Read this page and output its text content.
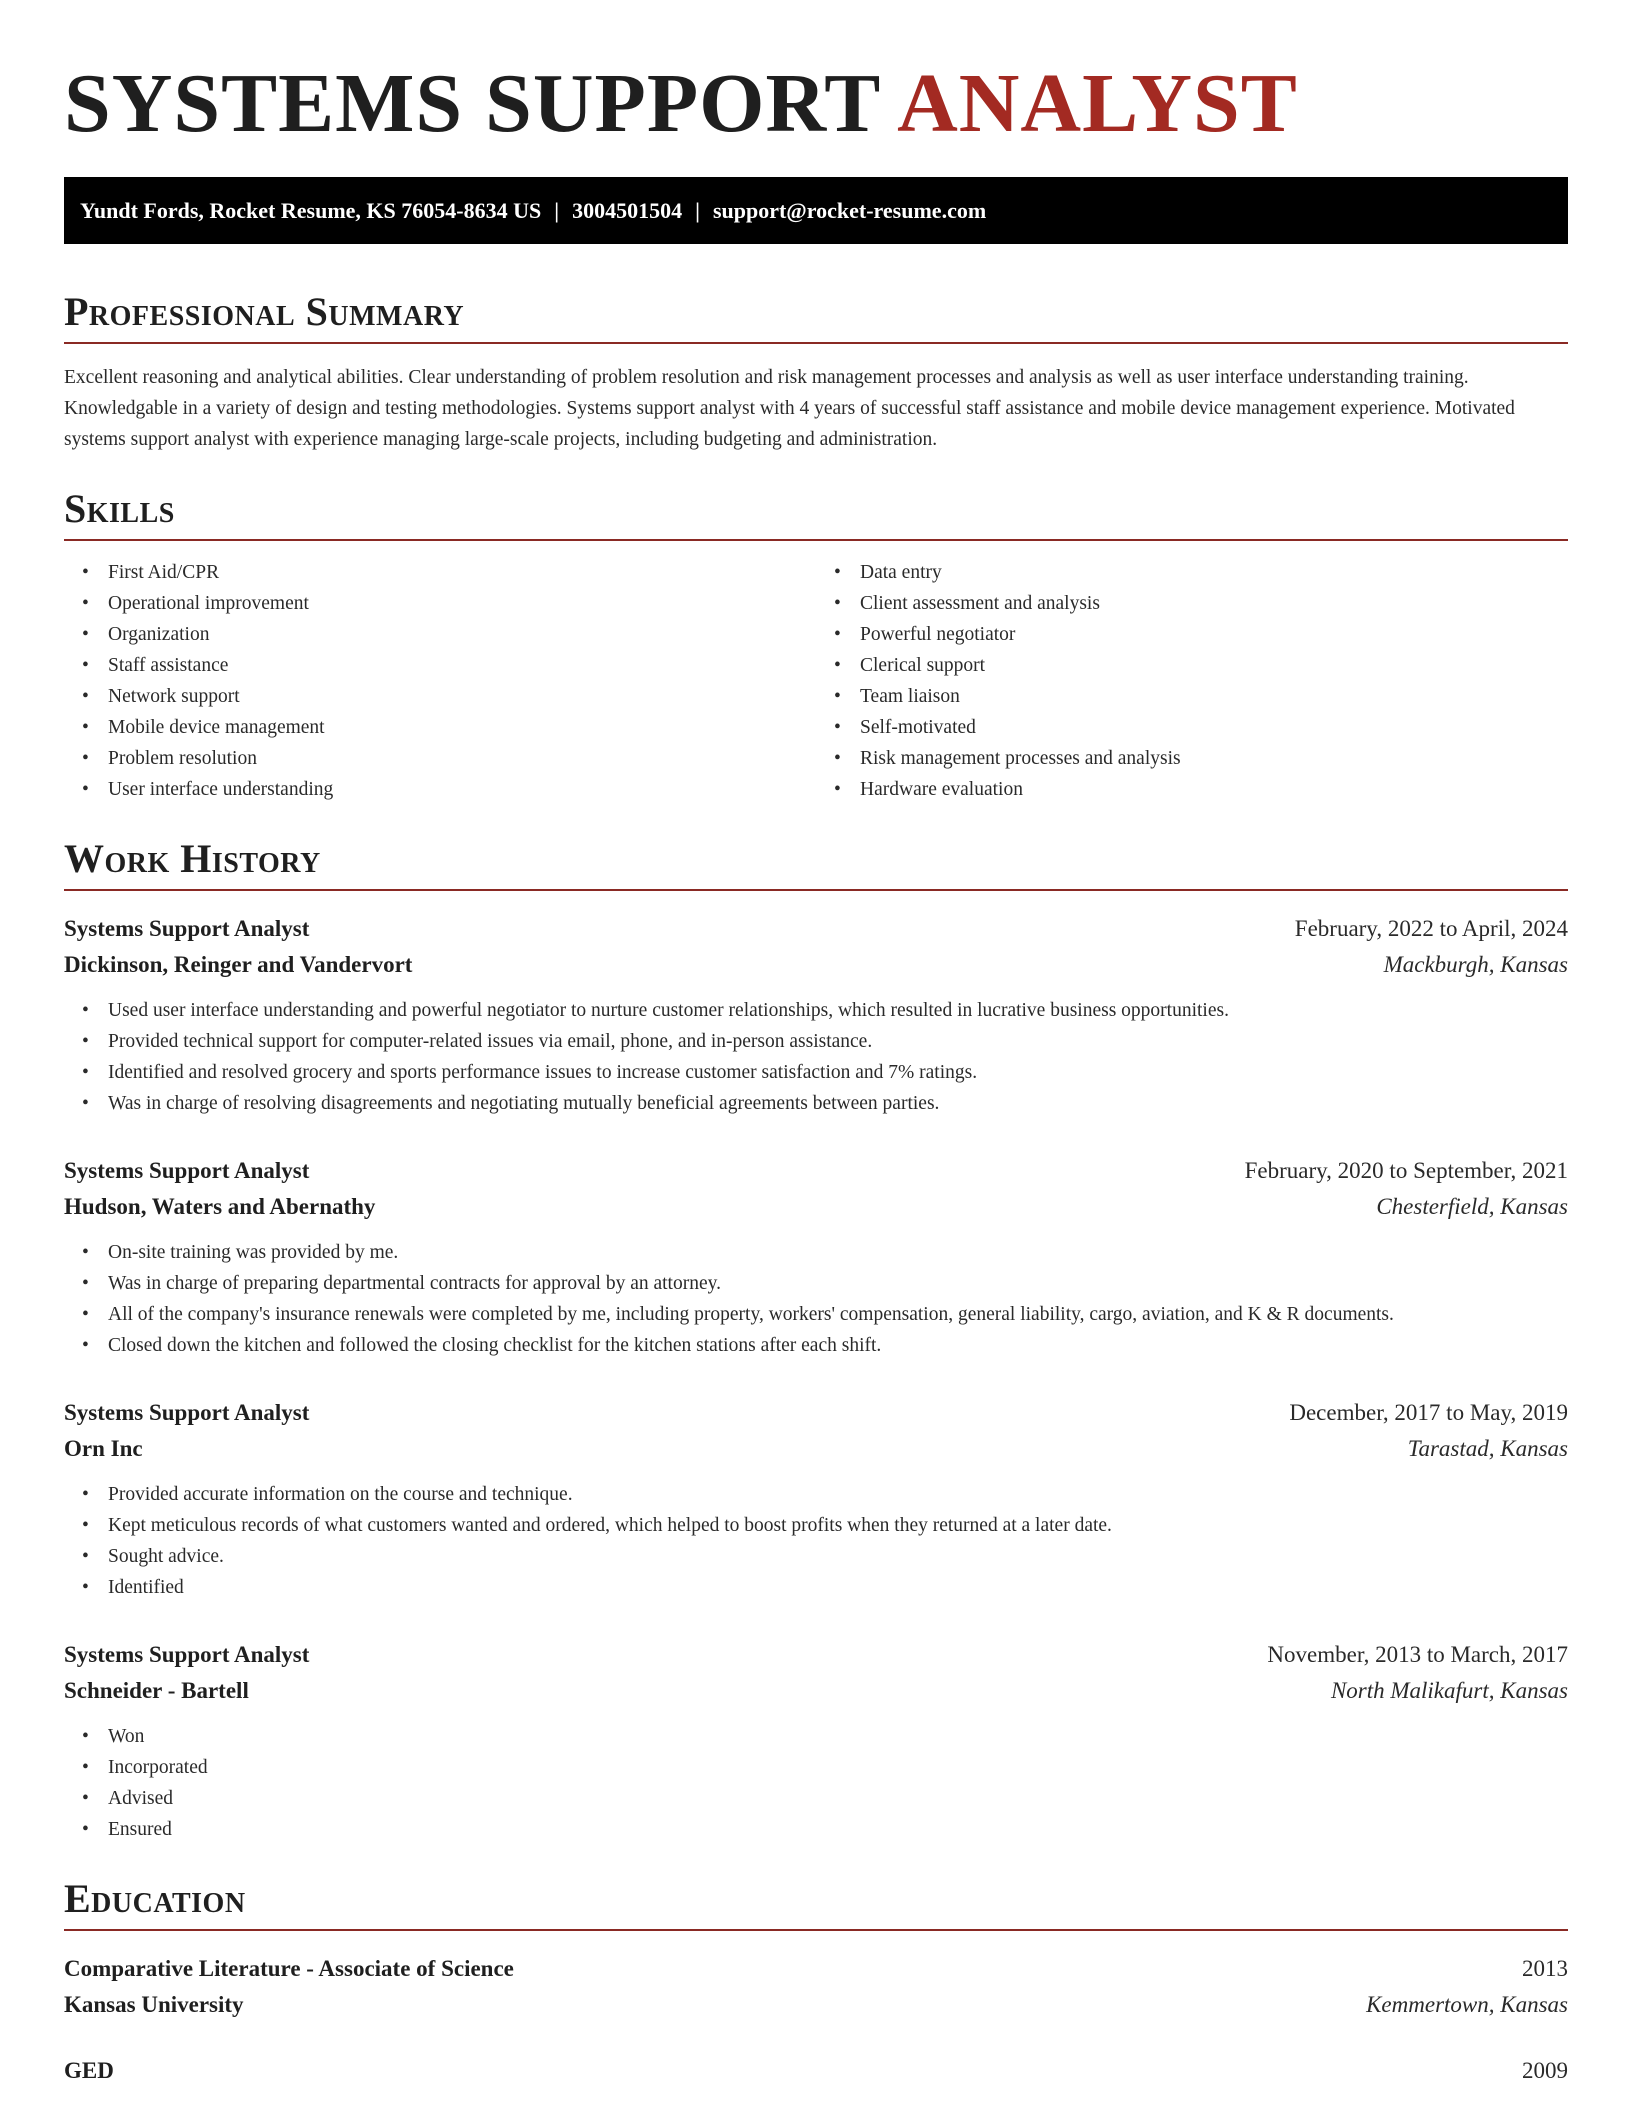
SYSTEMS SUPPORT ANALYST
Yundt Fords, Rocket Resume, KS 76054-8634 US | 3004501504 | support@rocket-resume.com
Professional Summary

Excellent reasoning and analytical abilities. Clear understanding of problem resolution and risk management processes and analysis as well as user interface understanding training. Knowledgable in a variety of design and testing methodologies. Systems support analyst with 4 years of successful staff assistance and mobile device management experience. Motivated systems support analyst with experience managing large-scale projects, including budgeting and administration.

Skills
• First Aid/CPR
• Operational improvement
• Organization
• Staff assistance
• Network support
• Mobile device management
• Problem resolution
• User interface understanding
• Data entry
• Client assessment and analysis
• Powerful negotiator
• Clerical support
• Team liaison
• Self-motivated
• Risk management processes and analysis
• Hardware evaluation
Work History
Systems Support Analyst	February, 2022 to April, 2024
Dickinson, Reinger and Vandervort	Mackburgh, Kansas
• Used user interface understanding and powerful negotiator to nurture customer relationships, which resulted in lucrative business opportunities.
• Provided technical support for computer-related issues via email, phone, and in-person assistance.
• Identified and resolved grocery and sports performance issues to increase customer satisfaction and 7% ratings.
• Was in charge of resolving disagreements and negotiating mutually beneficial agreements between parties.
Systems Support Analyst	February, 2020 to September, 2021
Hudson, Waters and Abernathy	Chesterfield, Kansas
• On-site training was provided by me.
• Was in charge of preparing departmental contracts for approval by an attorney.
• All of the company's insurance renewals were completed by me, including property, workers' compensation, general liability, cargo, aviation, and K & R documents.
• Closed down the kitchen and followed the closing checklist for the kitchen stations after each shift.
Systems Support Analyst	December, 2017 to May, 2019
Orn Inc	Tarastad, Kansas
• Provided accurate information on the course and technique.
• Kept meticulous records of what customers wanted and ordered, which helped to boost profits when they returned at a later date.
• Sought advice.
• Identified
Systems Support Analyst	November, 2013 to March, 2017
Schneider - Bartell	North Malikafurt, Kansas
• Won
• Incorporated
• Advised
• Ensured
Education
Comparative Literature - Associate of Science	2013
Kansas University	Kemmertown, Kansas
GED	2009
